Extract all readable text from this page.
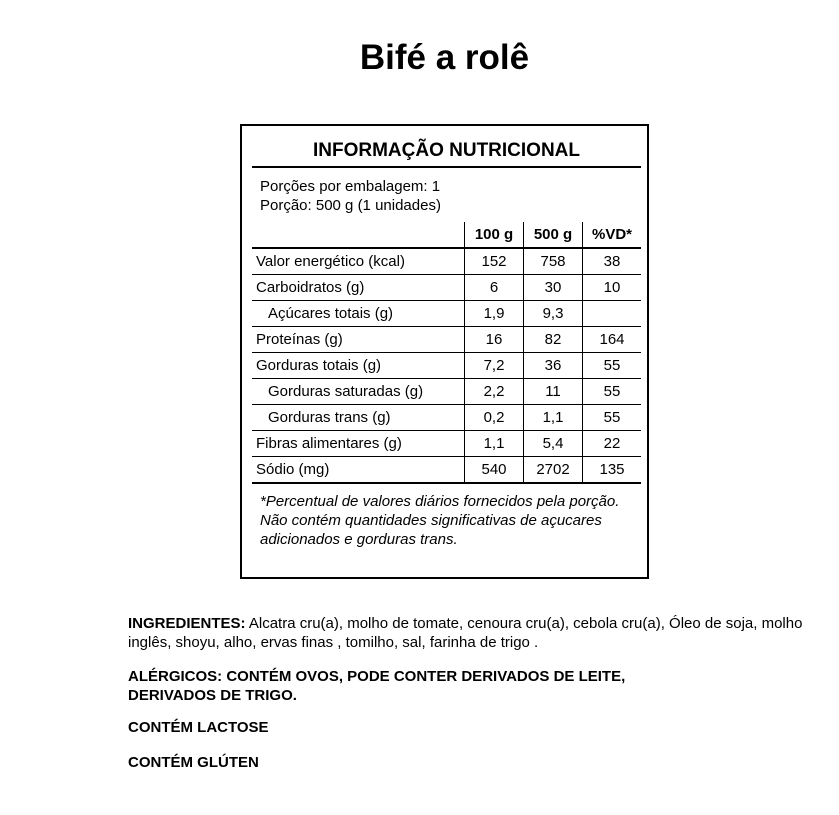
Bifé a rolê
INFORMAÇÃO NUTRICIONAL
Porções por embalagem: 1
Porção: 500 g (1 unidades)
	100 g	500 g	%VD*
Valor energético (kcal)	152	758	38
Carboidratos (g)	6	30	10
Açúcares totais (g)	1,9	9,3	
Proteínas (g)	16	82	164
Gorduras totais (g)	7,2	36	55
Gorduras saturadas (g)	2,2	11	55
Gorduras trans (g)	0,2	1,1	55
Fibras alimentares (g)	1,1	5,4	22
Sódio (mg)	540	2702	135
*Percentual de valores diários fornecidos pela porção.
Não contém quantidades significativas de açucares adicionados e gorduras trans.
INGREDIENTES: Alcatra cru(a), molho de tomate, cenoura cru(a), cebola cru(a), Óleo de soja, molho inglês, shoyu, alho, ervas finas , tomilho, sal, farinha de trigo .
ALÉRGICOS: CONTÉM OVOS, PODE CONTER DERIVADOS DE LEITE, DERIVADOS DE TRIGO.
CONTÉM LACTOSE
CONTÉM GLÚTEN
